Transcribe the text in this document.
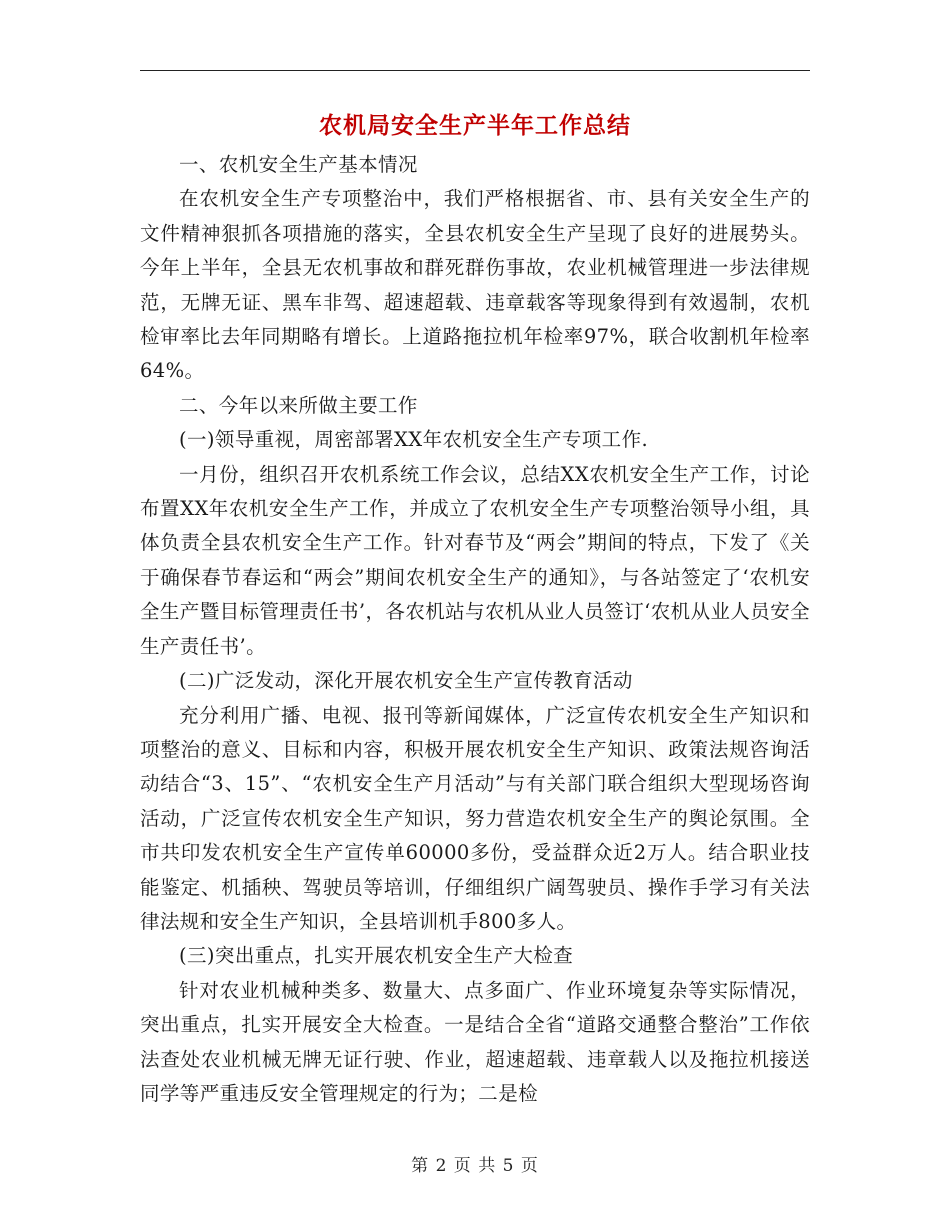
农机局安全生产半年工作总结

一、农机安全生产基本情况

在农机安全生产专项整治中，我们严格根据省、市、县有关安全生产的文件精神狠抓各项措施的落实，全县农机安全生产呈现了良好的进展势头。今年上半年，全县无农机事故和群死群伤事故，农业机械管理进一步法律规范，无牌无证、黑车非驾、超速超载、违章载客等现象得到有效遏制，农机检审率比去年同期略有增长。上道路拖拉机年检率97%，联合收割机年检率64%。

二、今年以来所做主要工作

(一)领导重视，周密部署XX年农机安全生产专项工作.

一月份，组织召开农机系统工作会议，总结XX农机安全生产工作，讨论布置XX年农机安全生产工作，并成立了农机安全生产专项整治领导小组，具体负责全县农机安全生产工作。针对春节及“两会”期间的特点，下发了《关于确保春节春运和“两会”期间农机安全生产的通知》，与各站签定了‘农机安全生产暨目标管理责任书’，各农机站与农机从业人员签订‘农机从业人员安全生产责任书’。

(二)广泛发动，深化开展农机安全生产宣传教育活动

充分利用广播、电视、报刊等新闻媒体，广泛宣传农机安全生产知识和项整治的意义、目标和内容，积极开展农机安全生产知识、政策法规咨询活动结合“3、15”、“农机安全生产月活动”与有关部门联合组织大型现场咨询活动，广泛宣传农机安全生产知识，努力营造农机安全生产的舆论氛围。全市共印发农机安全生产宣传单60000多份，受益群众近2万人。结合职业技能鉴定、机插秧、驾驶员等培训，仔细组织广阔驾驶员、操作手学习有关法律法规和安全生产知识，全县培训机手800多人。

(三)突出重点，扎实开展农机安全生产大检查

针对农业机械种类多、数量大、点多面广、作业环境复杂等实际情况，突出重点，扎实开展安全大检查。一是结合全省“道路交通整合整治”工作依法查处农业机械无牌无证行驶、作业，超速超载、违章载人以及拖拉机接送同学等严重违反安全管理规定的行为；二是检

第 2 页 共 5 页
